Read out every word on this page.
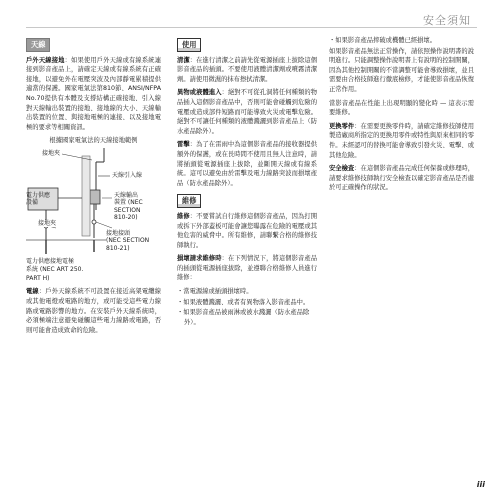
安全須知
天線

戶外天線接地：如果使用戶外天線或有線系統連接到影音產品上，請確定天線或有線系統有正確接地，以避免外在電壓突波及內部靜電累積提供適當的保護。國家電氣法第810節、ANSI/NFPA No.70提供有本體及支撐結構正確接地、引入線對天線輸出裝置的接地、接地線的大小、天線輸出裝置的位置、與接地電極的連接、以及接地電極的要求等相關資訊。

根據國家電氣法的天線接地範例
接地夾
天線引入線
電力供應
設備
天線輸出
裝置 (NEC
SECTION
810-20)
接地夾
接地接頭
(NEC SECTION
810-21)
電力供應接地電極
系統 (NEC ART 250.
PART H)

電線：戶外天線系統不可設置在接近高架電纜線或其他電燈或電路的地方，或可能受這些電力線路或電路影響的地方。在安裝戶外天線系統時，必須極端注意避免碰觸這些電力線路或電路，否則可能會造成致命的危險。

使用

清潔：在進行清潔之前請先從電源插座上拔除這個影音產品的插頭。不要使用液體清潔劑或噴霧清潔劑。請使用微濕的抹布擦拭清潔。

異物或液體進入：絕對不可從孔洞將任何種類的物品插入這個影音產品中，否則可能會碰觸到危險的電壓或造成部件短路而可能導致火災或電擊危險。絕對不可讓任何種類的液體濺灑到影音產品上（防水產品除外）。

雷擊：為了在雷雨中為這個影音產品的接收器提供額外的保護，或在長時間不使用且無人注意時，請將插頭從電源插座上拔除，並斷開天線或有線系統。這可以避免由於雷擊及電力線路突波而損壞產品（防水產品除外）。

維修

維修：不要嘗試自行維修這個影音產品，因為打開或拆下外部蓋板可能會讓您曝露在危險的電壓或其他危害的威脅中。所有維修，請聯繫合格的維修技師執行。

損壞請求維修時：在下列情況下，將這個影音產品的插頭從電源插座拔除，並遵聯合格維修人員進行維修：

・當電源線或插頭損壞時。
・如果液體濺灑、或者有異物落入影音產品中。
・如果影音產品被雨淋或被水濺灑（防水產品除外）。
・如果影音產品摔破或機體已經損壞。

如果影音產品無法正常操作，請依照操作說明書的說明進行。只能調整操作說明書上有說明的控制開關，因為其他控制開關的不當調整可能會導致損壞，並且需要由合格技師進行徹底檢修，才能使影音產品恢復正常作用。

當影音產品在性能上出現明顯的變化時 — 這表示需要維修。

更換零件：在需要更換零件時，請確定維修技師使用製造廠商所指定的更換用零件或特性與原來相同的零件。未經認可的替換可能會導致引發火災、電擊、或其他危險。

安全檢查：在這個影音產品完成任何保養或修理時，請要求維修技師執行安全檢查以確定影音產品是否處於可正確操作的狀況。

iii
